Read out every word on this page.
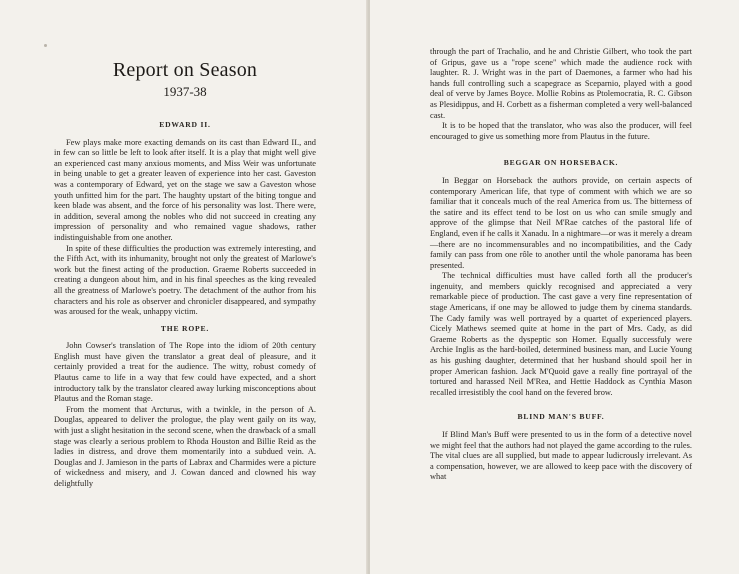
Report on Season
1937-38
EDWARD II.

Few plays make more exacting demands on its cast than Edward II., and in few can so little be left to look after itself. It is a play that might well give an experienced cast many anxious moments, and Miss Weir was unfortunate in being unable to get a greater leaven of experience into her cast. Gaveston was a contemporary of Edward, yet on the stage we saw a Gaveston whose youth unfitted him for the part. The haughty upstart of the biting tongue and keen blade was absent, and the force of his personality was lost. There were, in addition, several among the nobles who did not succeed in creating any impression of personality and who remained vague shadows, rather indistinguishable from one another.

In spite of these difficulties the production was extremely interesting, and the Fifth Act, with its inhumanity, brought not only the greatest of Marlowe's work but the finest acting of the production. Graeme Roberts succeeded in creating a dungeon about him, and in his final speeches as the king revealed all the greatness of Marlowe's poetry. The detachment of the author from his characters and his role as observer and chronicler disappeared, and sympathy was aroused for the weak, unhappy victim.

THE ROPE.

John Cowser's translation of The Rope into the idiom of 20th century English must have given the translator a great deal of pleasure, and it certainly provided a treat for the audience. The witty, robust comedy of Plautus came to life in a way that few could have expected, and a short introductory talk by the translator cleared away lurking misconceptions about Plautus and the Roman stage.

From the moment that Arcturus, with a twinkle, in the person of A. Douglas, appeared to deliver the prologue, the play went gaily on its way, with just a slight hesitation in the second scene, when the drawback of a small stage was clearly a serious problem to Rhoda Houston and Billie Reid as the ladies in distress, and drove them momentarily into a subdued vein. A. Douglas and J. Jamieson in the parts of Labrax and Charmides were a picture of wickedness and misery, and J. Cowan danced and clowned his way delightfully

through the part of Trachalio, and he and Christie Gilbert, who took the part of Gripus, gave us a "rope scene" which made the audience rock with laughter. R. J. Wright was in the part of Daemones, a farmer who had his hands full controlling such a scapegrace as Sceparnio, played with a good deal of verve by James Boyce. Mollie Robins as Ptolemocratia, R. C. Gibson as Plesidippus, and H. Corbett as a fisherman completed a very well-balanced cast.

It is to be hoped that the translator, who was also the producer, will feel encouraged to give us something more from Plautus in the future.

BEGGAR ON HORSEBACK.

In Beggar on Horseback the authors provide, on certain aspects of contemporary American life, that type of comment with which we are so familiar that it conceals much of the real America from us. The bitterness of the satire and its effect tend to be lost on us who can smile smugly and approve of the glimpse that Neil M'Rae catches of the pastoral life of England, even if he calls it Xanadu. In a nightmare—or was it merely a dream —there are no incommensurables and no incompatibilities, and the Cady family can pass from one rôle to another until the whole panorama has been presented.

The technical difficulties must have called forth all the producer's ingenuity, and members quickly recognised and appreciated a very remarkable piece of production. The cast gave a very fine representation of stage Americans, if one may be allowed to judge them by cinema standards. The Cady family was well portrayed by a quartet of experienced players. Cicely Mathews seemed quite at home in the part of Mrs. Cady, as did Graeme Roberts as the dyspeptic son Homer. Equally successfuly were Archie Inglis as the hard-boiled, determined business man, and Lucie Young as his gushing daughter, determined that her husband should spoil her in proper American fashion. Jack M'Quoid gave a really fine portrayal of the tortured and harassed Neil M'Rea, and Hettie Haddock as Cynthia Mason recalled irresistibly the cool hand on the fevered brow.

BLIND MAN'S BUFF.

If Blind Man's Buff were presented to us in the form of a detective novel we might feel that the authors had not played the game according to the rules. The vital clues are all supplied, but made to appear ludicrously irrelevant. As a compensation, however, we are allowed to keep pace with the discovery of what
